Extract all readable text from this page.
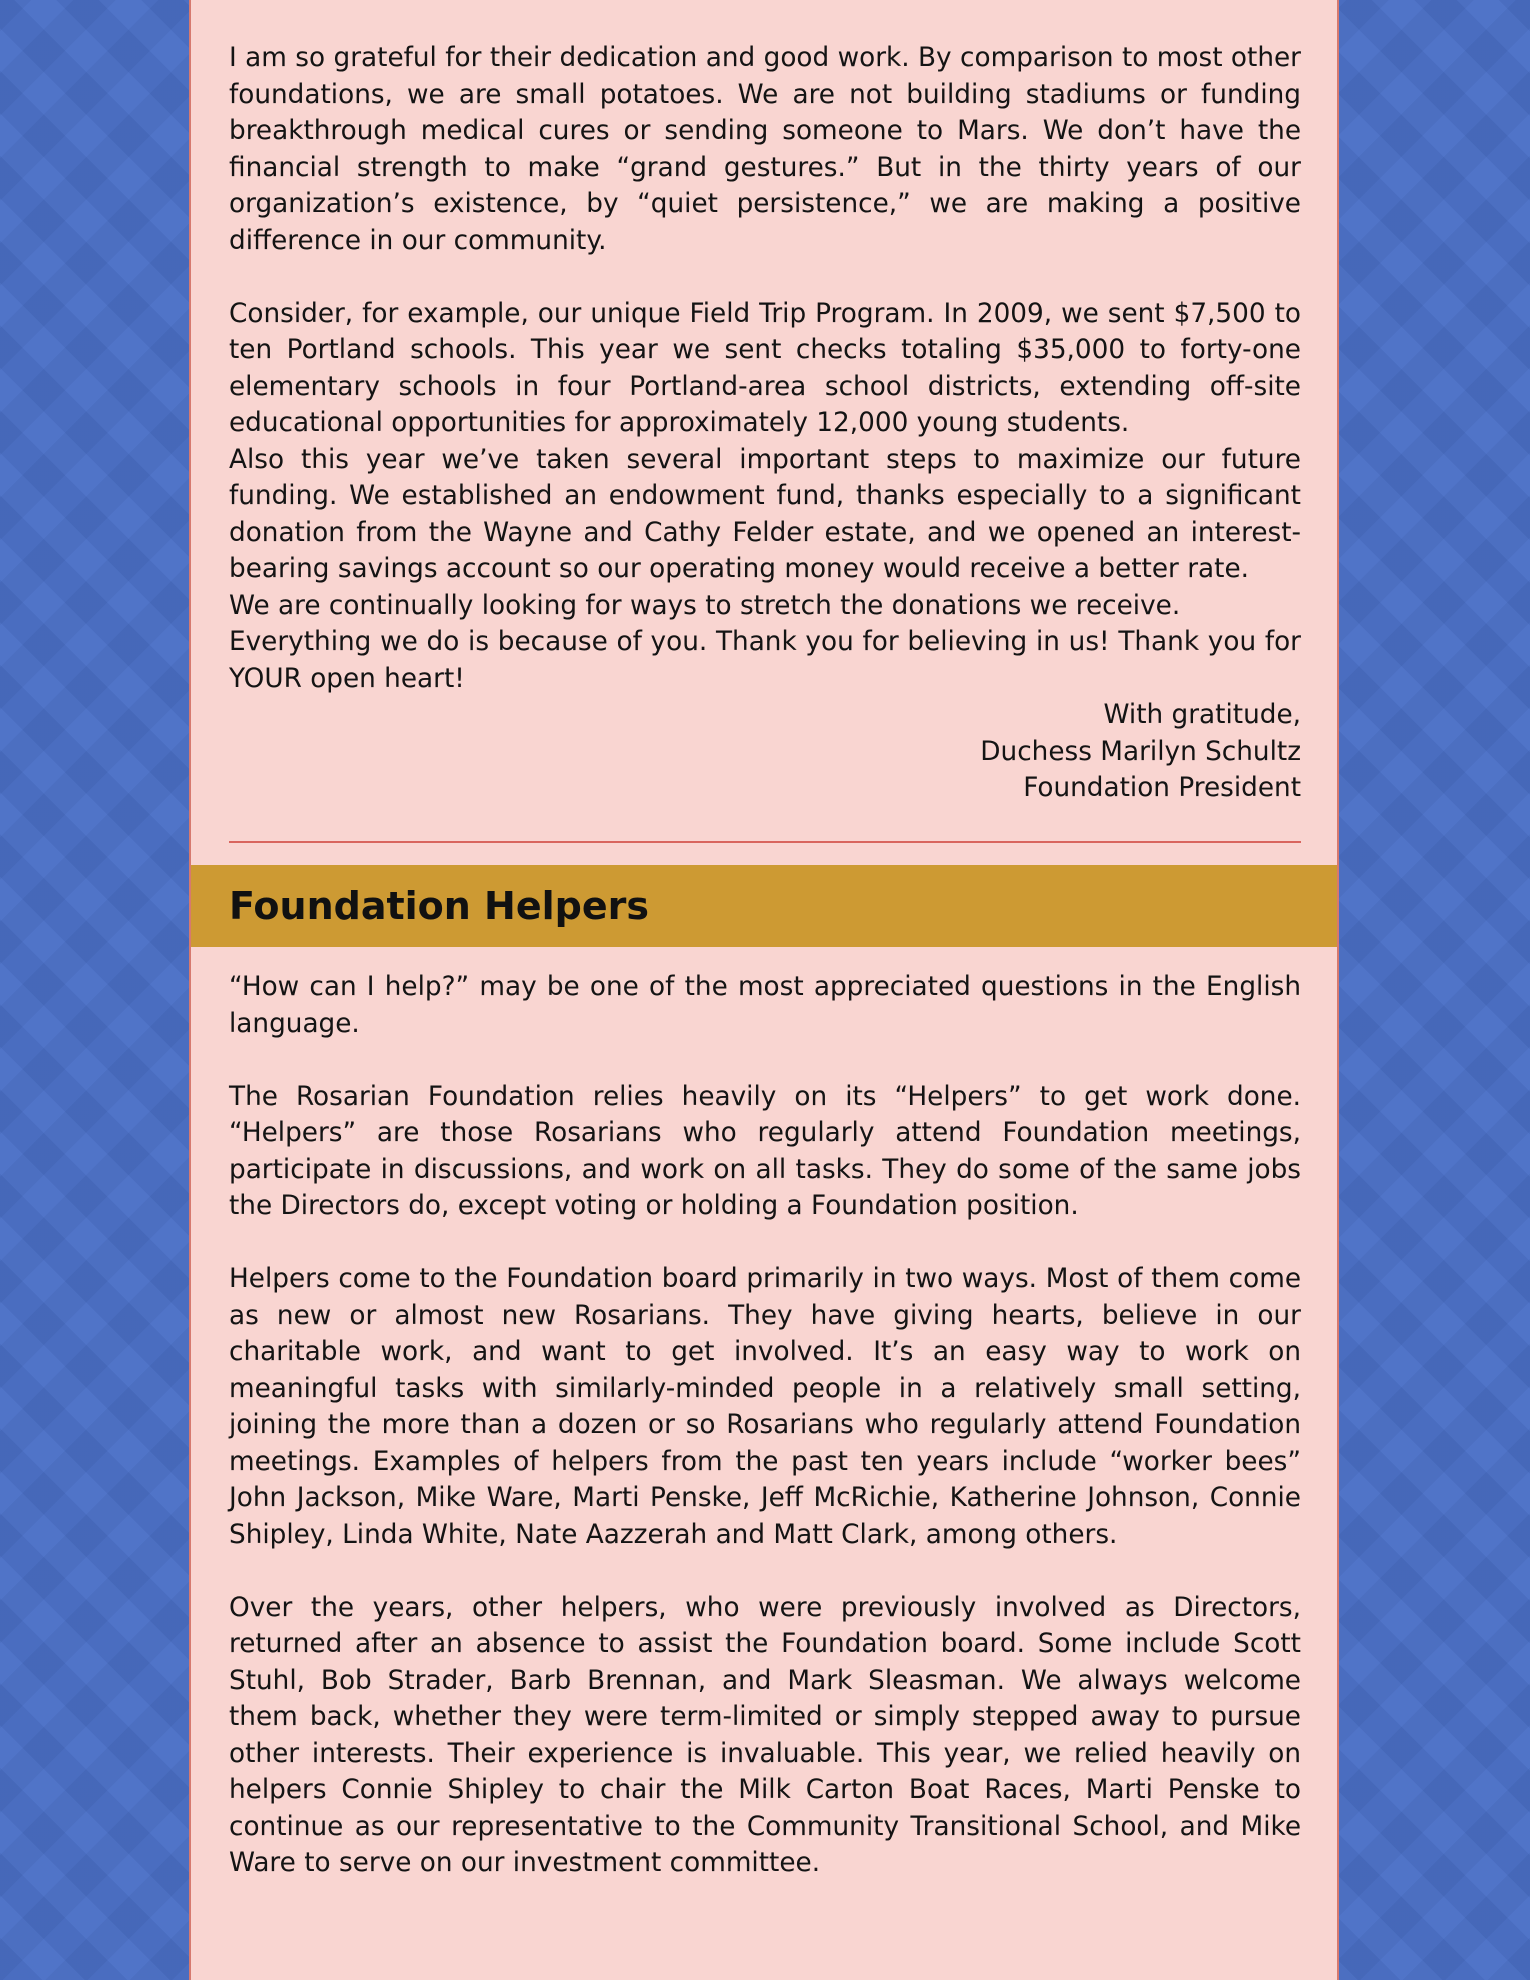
I am so grateful for their dedication and good work. By comparison to most other foundations, we are small potatoes. We are not building stadiums or funding breakthrough medical cures or sending someone to Mars. We don’t have the financial strength to make “grand gestures.” But in the thirty years of our organization’s existence, by “quiet persistence,” we are making a positive difference in our community.

Consider, for example, our unique Field Trip Program. In 2009, we sent $7,500 to ten Portland schools. This year we sent checks totaling $35,000 to forty-one elementary schools in four Portland-area school districts, extending off-site educational opportunities for approximately 12,000 young students.

Also this year we’ve taken several important steps to maximize our future funding. We established an endowment fund, thanks especially to a significant donation from the Wayne and Cathy Felder estate, and we opened an interest-bearing savings account so our operating money would receive a better rate.

We are continually looking for ways to stretch the donations we receive.

Everything we do is because of you. Thank you for believing in us! Thank you for YOUR open heart!

With gratitude,
Duchess Marilyn Schultz
Foundation President
Foundation Helpers

“How can I help?” may be one of the most appreciated questions in the English language.

The Rosarian Foundation relies heavily on its “Helpers” to get work done. “Helpers” are those Rosarians who regularly attend Foundation meetings, participate in discussions, and work on all tasks. They do some of the same jobs the Directors do, except voting or holding a Foundation position.

Helpers come to the Foundation board primarily in two ways. Most of them come as new or almost new Rosarians. They have giving hearts, believe in our charitable work, and want to get involved. It’s an easy way to work on meaningful tasks with similarly-minded people in a relatively small setting, joining the more than a dozen or so Rosarians who regularly attend Foundation meetings. Examples of helpers from the past ten years include “worker bees” John Jackson, Mike Ware, Marti Penske, Jeff McRichie, Katherine Johnson, Connie Shipley, Linda White, Nate Aazzerah and Matt Clark, among others.

Over the years, other helpers, who were previously involved as Directors, returned after an absence to assist the Foundation board. Some include Scott Stuhl, Bob Strader, Barb Brennan, and Mark Sleasman. We always welcome them back, whether they were term-limited or simply stepped away to pursue other interests. Their experience is invaluable. This year, we relied heavily on helpers Connie Shipley to chair the Milk Carton Boat Races, Marti Penske to continue as our representative to the Community Transitional School, and Mike Ware to serve on our investment committee.
